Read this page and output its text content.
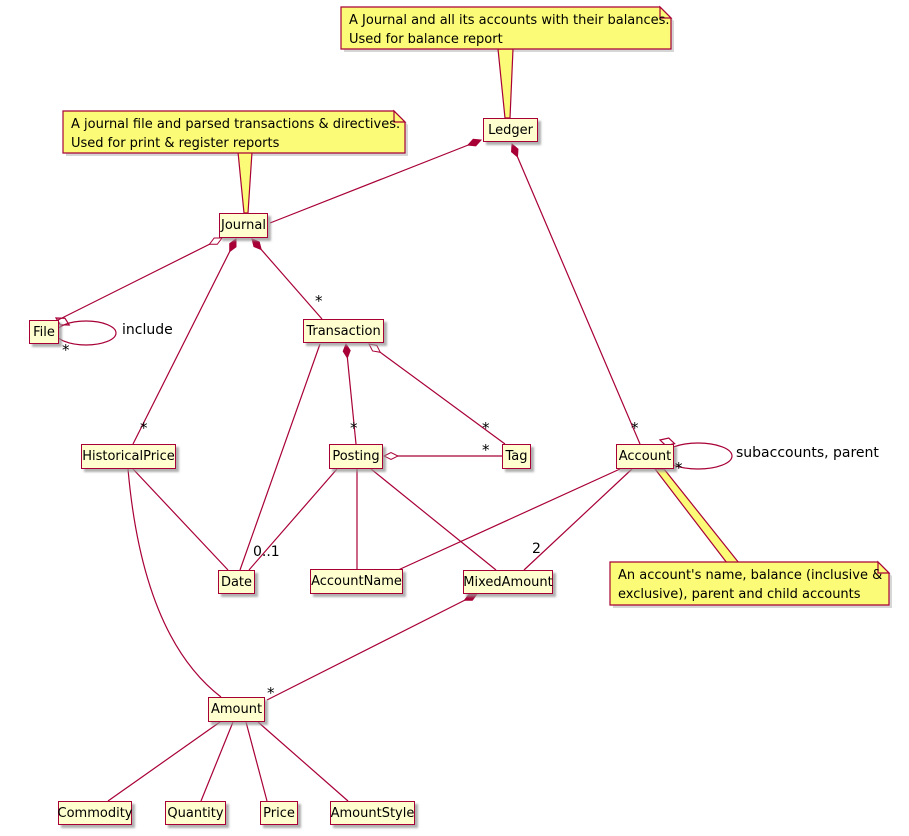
A Journal and all its accounts with their balances.
Used for balance report
A journal file and parsed transactions & directives.
Used for print & register reports
An account's name, balance (inclusive &
exclusive), parent and child accounts
Ledger
Journal
File	Transaction
HistoricalPrice	Posting	Tag	Account
Date	AccountName	MixedAmount
Amount
Commodity	Quantity	Price	AmountStyle
*
include
*
*
*	*
*
*
*
subaccounts, parent
0..1	2
*
